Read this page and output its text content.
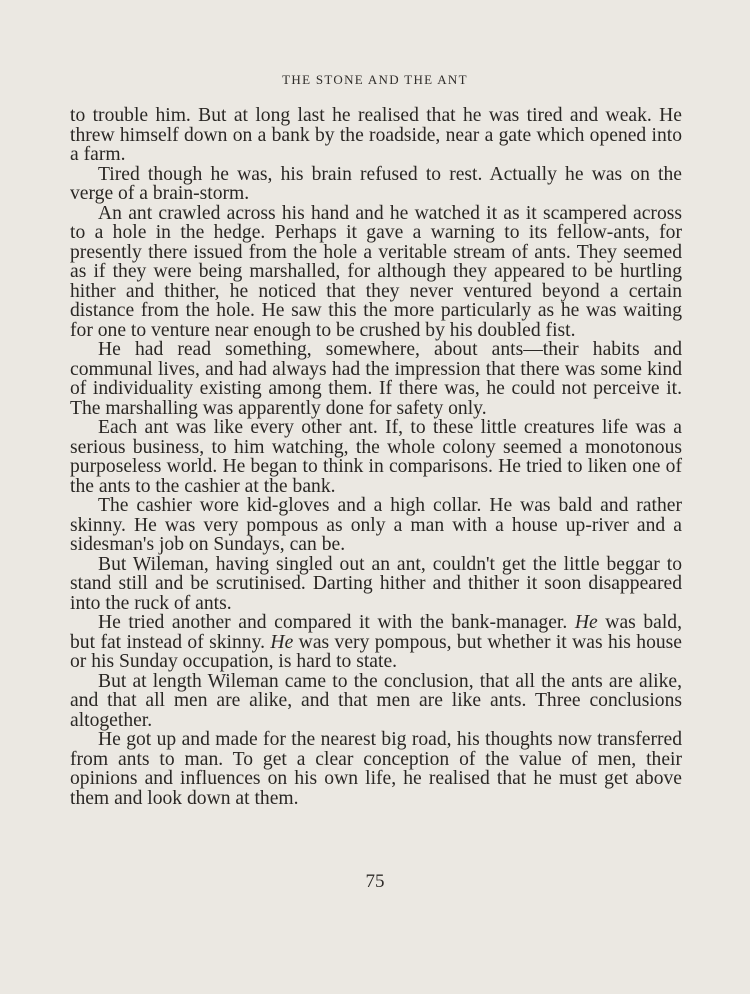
THE STONE AND THE ANT

to trouble him. But at long last he realised that he was tired and weak. He threw himself down on a bank by the roadside, near a gate which opened into a farm.

Tired though he was, his brain refused to rest. Actually he was on the verge of a brain-storm.

An ant crawled across his hand and he watched it as it scampered across to a hole in the hedge. Perhaps it gave a warning to its fellow-ants, for presently there issued from the hole a veritable stream of ants. They seemed as if they were being marshalled, for although they appeared to be hurtling hither and thither, he noticed that they never ventured beyond a certain distance from the hole. He saw this the more particularly as he was waiting for one to venture near enough to be crushed by his doubled fist.

He had read something, somewhere, about ants—their habits and communal lives, and had always had the impression that there was some kind of individuality existing among them. If there was, he could not perceive it. The marshalling was apparently done for safety only.

Each ant was like every other ant. If, to these little creatures life was a serious business, to him watching, the whole colony seemed a monotonous purposeless world. He began to think in comparisons. He tried to liken one of the ants to the cashier at the bank.

The cashier wore kid-gloves and a high collar. He was bald and rather skinny. He was very pompous as only a man with a house up-river and a sidesman's job on Sundays, can be.

But Wileman, having singled out an ant, couldn't get the little beggar to stand still and be scrutinised. Darting hither and thither it soon disappeared into the ruck of ants.

He tried another and compared it with the bank-manager. He was bald, but fat instead of skinny. He was very pompous, but whether it was his house or his Sunday occupation, is hard to state.

But at length Wileman came to the conclusion, that all the ants are alike, and that all men are alike, and that men are like ants. Three conclusions altogether.

He got up and made for the nearest big road, his thoughts now transferred from ants to man. To get a clear conception of the value of men, their opinions and influences on his own life, he realised that he must get above them and look down at them.

75
